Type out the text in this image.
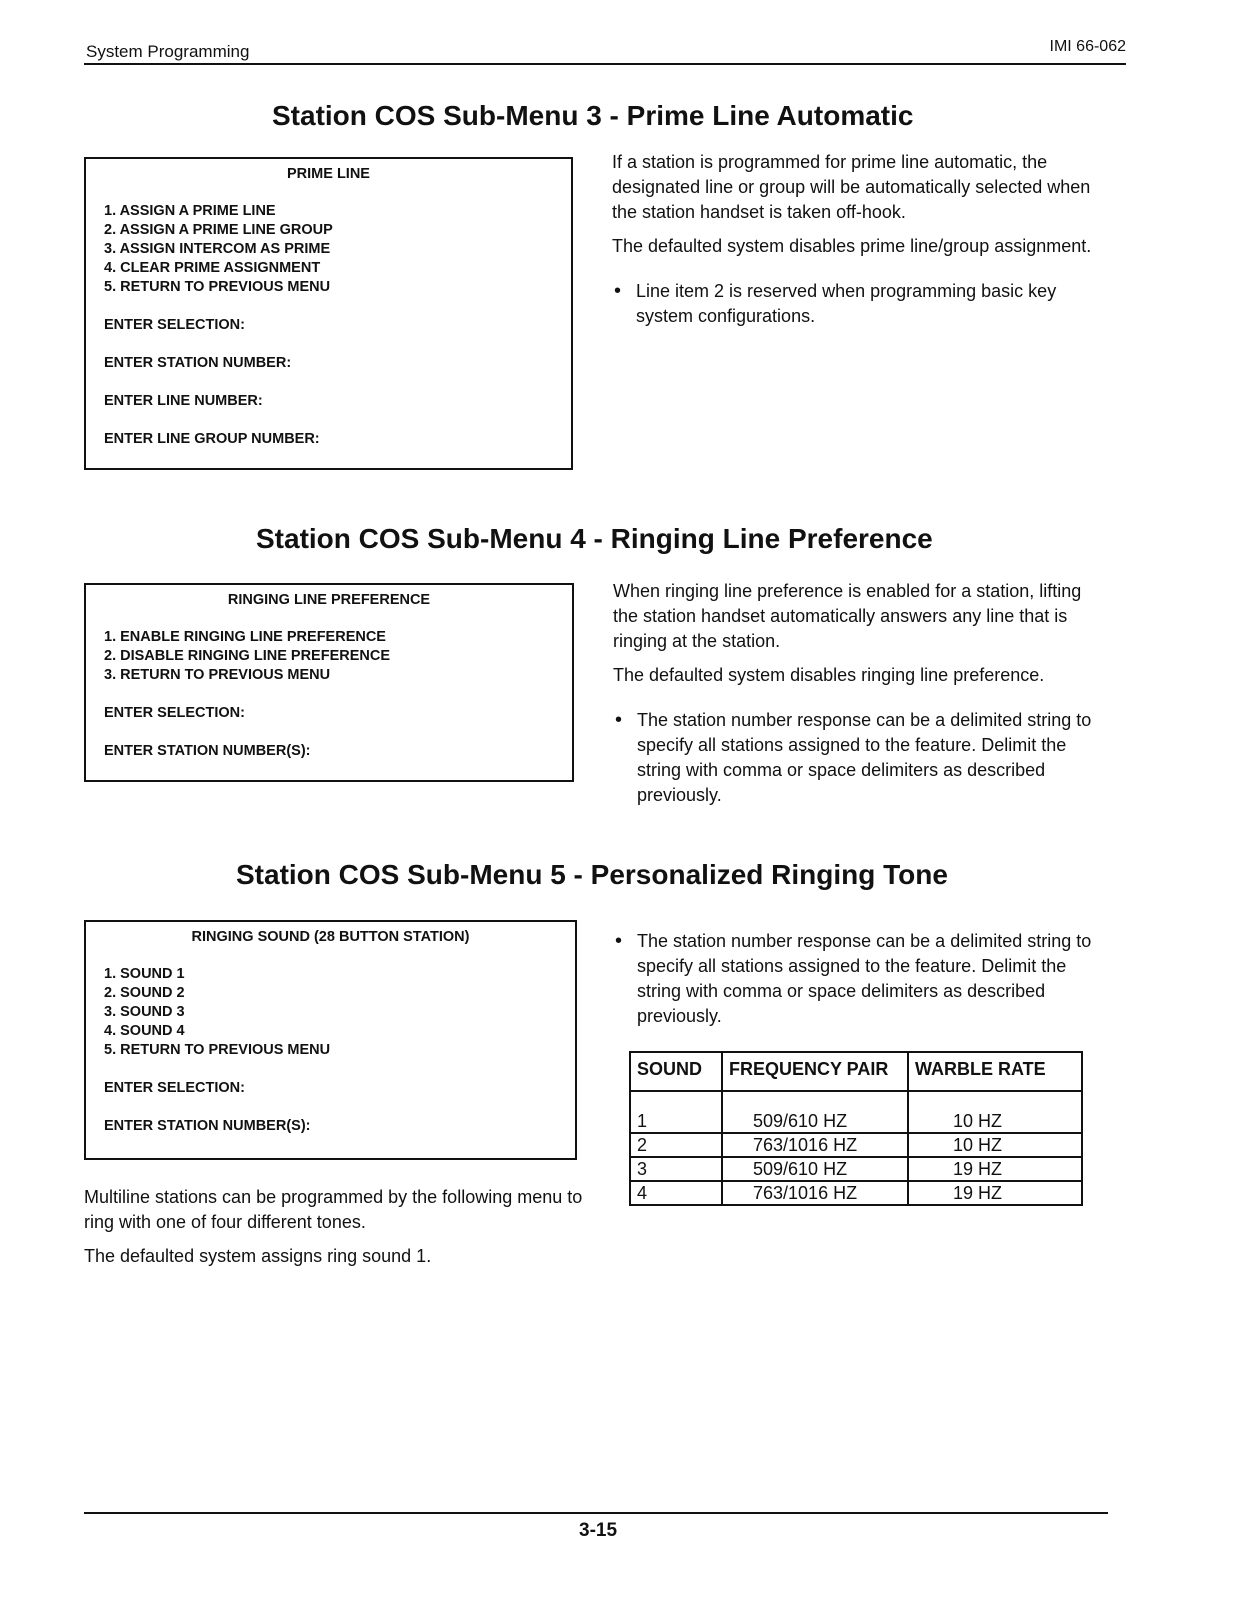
System Programming	IMI 66-062
Station COS Sub-Menu 3 - Prime Line Automatic
PRIME LINE
1. ASSIGN A PRIME LINE
2. ASSIGN A PRIME LINE GROUP
3. ASSIGN INTERCOM AS PRIME
4. CLEAR PRIME ASSIGNMENT
5. RETURN TO PREVIOUS MENU
ENTER SELECTION:
ENTER STATION NUMBER:
ENTER LINE NUMBER:
ENTER LINE GROUP NUMBER:

If a station is programmed for prime line automatic, the designated line or group will be automatically selected when the station handset is taken off-hook.

The defaulted system disables prime line/group assignment.

• Line item 2 is reserved when programming basic key system configurations.
Station COS Sub-Menu 4 - Ringing Line Preference
RINGING LINE PREFERENCE
1. ENABLE RINGING LINE PREFERENCE
2. DISABLE RINGING LINE PREFERENCE
3. RETURN TO PREVIOUS MENU
ENTER SELECTION:
ENTER STATION NUMBER(S):

When ringing line preference is enabled for a station, lifting the station handset automatically answers any line that is ringing at the station.

The defaulted system disables ringing line preference.

• The station number response can be a delimited string to specify all stations assigned to the feature. Delimit the string with comma or space delimiters as described previously.
Station COS Sub-Menu 5 - Personalized Ringing Tone
RINGING SOUND (28 BUTTON STATION)
1. SOUND 1
2. SOUND 2
3. SOUND 3
4. SOUND 4
5. RETURN TO PREVIOUS MENU
ENTER SELECTION:
ENTER STATION NUMBER(S):

Multiline stations can be programmed by the following menu to ring with one of four different tones.

The defaulted system assigns ring sound 1.

• The station number response can be a delimited string to specify all stations assigned to the feature. Delimit the string with comma or space delimiters as described previously.
SOUND	FREQUENCY PAIR	WARBLE RATE
1	509/610 HZ	10 HZ
2	763/1016 HZ	10 HZ
3	509/610 HZ	19 HZ
4	763/1016 HZ	19 HZ
3-15
